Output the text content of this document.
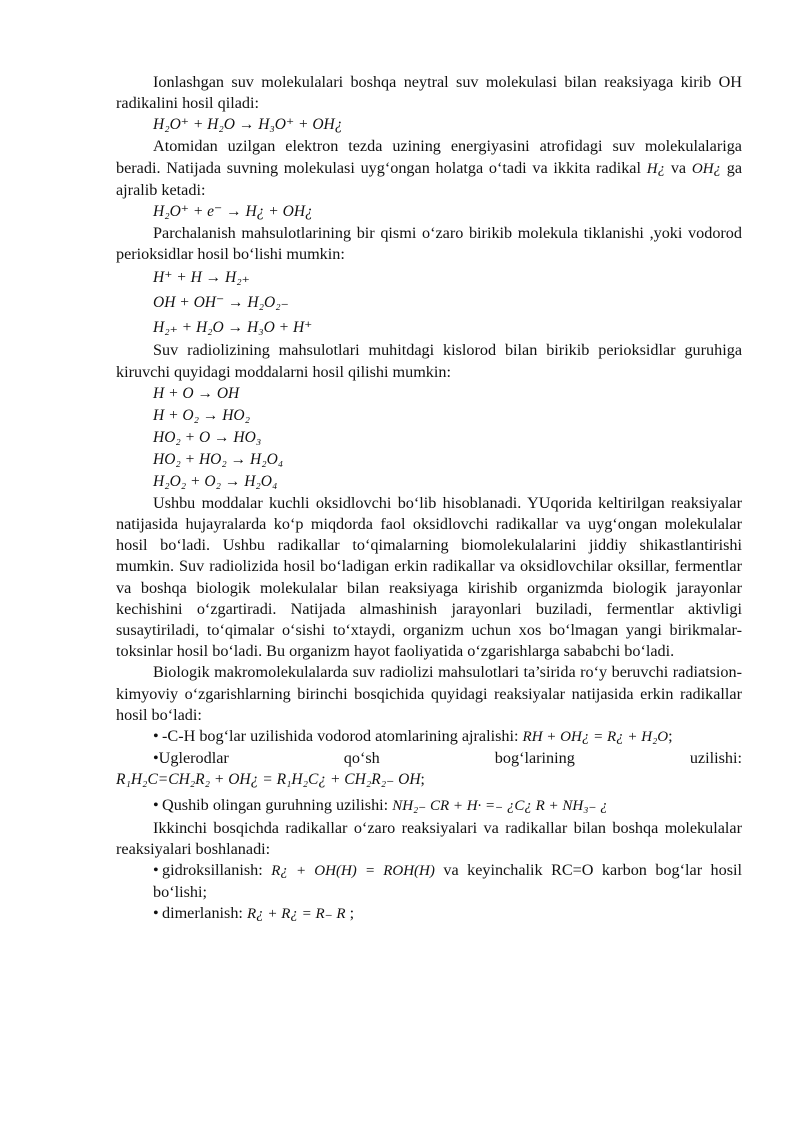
Ionlashgan suv molekulalari boshqa neytral suv molekulasi bilan reaksiyaga kirib OH radikalini hosil qiladi:

H₂O⁺ + H₂O → H₃O⁺ + OH¿

Atomidan uzilgan elektron tezda uzining energiyasini atrofidagi suv molekulalariga beradi. Natijada suvning molekulasi uyg‘ongan holatga o‘tadi va ikkita radikal H¿ va OH¿ ga ajralib ketadi:

H₂O⁺ + e⁻ → H¿ + OH¿

Parchalanish mahsulotlarining bir qismi o‘zaro birikib molekula tiklanishi ,yoki vodorod perioksidlar hosil bo‘lishi mumkin:

H⁺ + H → H₂₊
OH + OH⁻ → H₂O₂₋
H₂₊ + H₂O → H₃O + H⁺

Suv radiolizining mahsulotlari muhitdagi kislorod bilan birikib perioksidlar guruhiga kiruvchi quyidagi moddalarni hosil qilishi mumkin:

H + O → OH
H + O₂ → HO₂
HO₂ + O → HO₃
HO₂ + HO₂ → H₂O₄
H₂O₂ + O₂ → H₂O₄

Ushbu moddalar kuchli oksidlovchi bo‘lib hisoblanadi. YUqorida keltirilgan reaksiyalar natijasida hujayralarda ko‘p miqdorda faol oksidlovchi radikallar va uyg‘ongan molekulalar hosil bo‘ladi. Ushbu radikallar to‘qimalarning biomolekulalarini jiddiy shikastlantirishi mumkin. Suv radiolizida hosil bo‘ladigan erkin radikallar va oksidlovchilar oksillar, fermentlar va boshqa biologik molekulalar bilan reaksiyaga kirishib organizmda biologik jarayonlar kechishini o‘zgartiradi. Natijada almashinish jarayonlari buziladi, fermentlar aktivligi susaytiriladi, to‘qimalar o‘sishi to‘xtaydi, organizm uchun xos bo‘lmagan yangi birikmalar- toksinlar hosil bo‘ladi. Bu organizm hayot faoliyatida o‘zgarishlarga sababchi bo‘ladi.

Biologik makromolekulalarda suv radiolizi mahsulotlari ta’sirida ro‘y beruvchi radiatsion-kimyoviy o‘zgarishlarning birinchi bosqichida quyidagi reaksiyalar natijasida erkin radikallar hosil bo‘ladi:

• -C-H bog‘lar uzilishida vodorod atomlarining ajralishi: RH + OH¿ = R¿ + H₂O;
•Uglerodlar	qo‘sh	bog‘larining	uzilishi:
R₁H₂C=CH₂R₂ + OH¿ = R₁H₂C¿ + CH₂R₂₋ OH;
• Qushib olingan guruhning uzilishi: NH₂₋ CR + H· =₋ ¿C¿ R + NH₃₋ ¿

Ikkinchi bosqichda radikallar o‘zaro reaksiyalari va radikallar bilan boshqa molekulalar reaksiyalari boshlanadi:

• gidroksillanish: R¿ + OH(H) = ROH(H) va keyinchalik RC=O karbon bog‘lar hosil bo‘lishi;
• dimerlanish: R¿ + R¿ = R₋ R ;
